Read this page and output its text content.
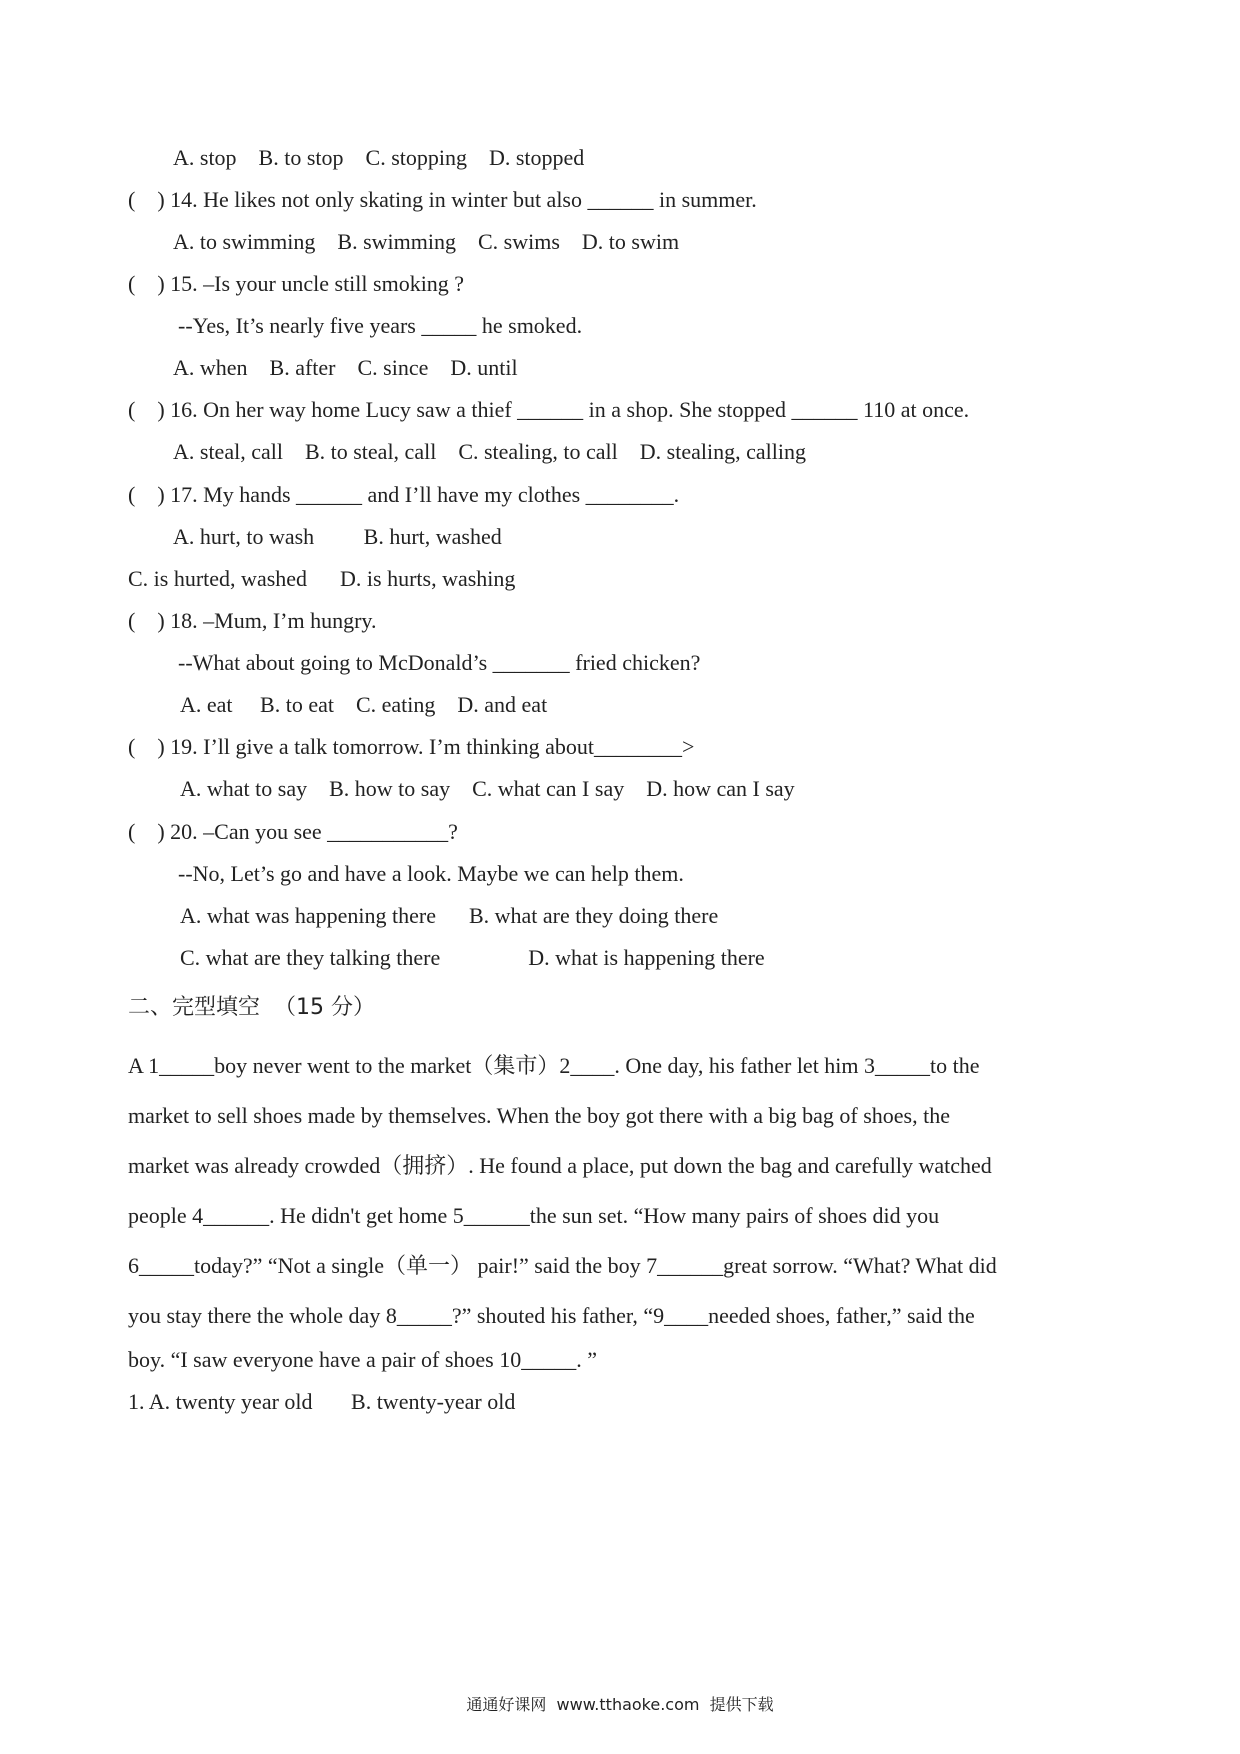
A. stop    B. to stop    C. stopping    D. stopped
(    ) 14. He likes not only skating in winter but also ______ in summer.
A. to swimming    B. swimming    C. swims    D. to swim
(    ) 15. –Is your uncle still smoking ?
--Yes, It’s nearly five years _____ he smoked.
A. when    B. after    C. since    D. until
(    ) 16. On her way home Lucy saw a thief ______ in a shop. She stopped ______ 110 at once.
A. steal, call    B. to steal, call    C. stealing, to call    D. stealing, calling
(    ) 17. My hands ______ and I’ll have my clothes ________.
A. hurt, to wash         B. hurt, washed
C. is hurted, washed      D. is hurts, washing
(    ) 18. –Mum, I’m hungry.
--What about going to McDonald’s _______ fried chicken?
A. eat     B. to eat    C. eating    D. and eat
(    ) 19. I’ll give a talk tomorrow. I’m thinking about________>
A. what to say    B. how to say    C. what can I say    D. how can I say
(    ) 20. –Can you see ___________?
--No, Let’s go and have a look. Maybe we can help them.
A. what was happening there      B. what are they doing there
C. what are they talking there                D. what is happening there
二、完型填空  （15 分）
A 1_____boy never went to the market（集市）2____. One day, his father let him 3_____to the
market to sell shoes made by themselves. When the boy got there with a big bag of shoes, the
market was already crowded（拥挤）. He found a place, put down the bag and carefully watched
people 4______. He didn't get home 5______the sun set. “How many pairs of shoes did you
6_____today?” “Not a single（单一） pair!” said the boy 7______great sorrow. “What? What did
you stay there the whole day 8_____?” shouted his father, “9____needed shoes, father,” said the
boy. “I saw everyone have a pair of shoes 10_____. ”
1. A. twenty year old       B. twenty-year old
通通好课网  www.tthaoke.com  提供下载
